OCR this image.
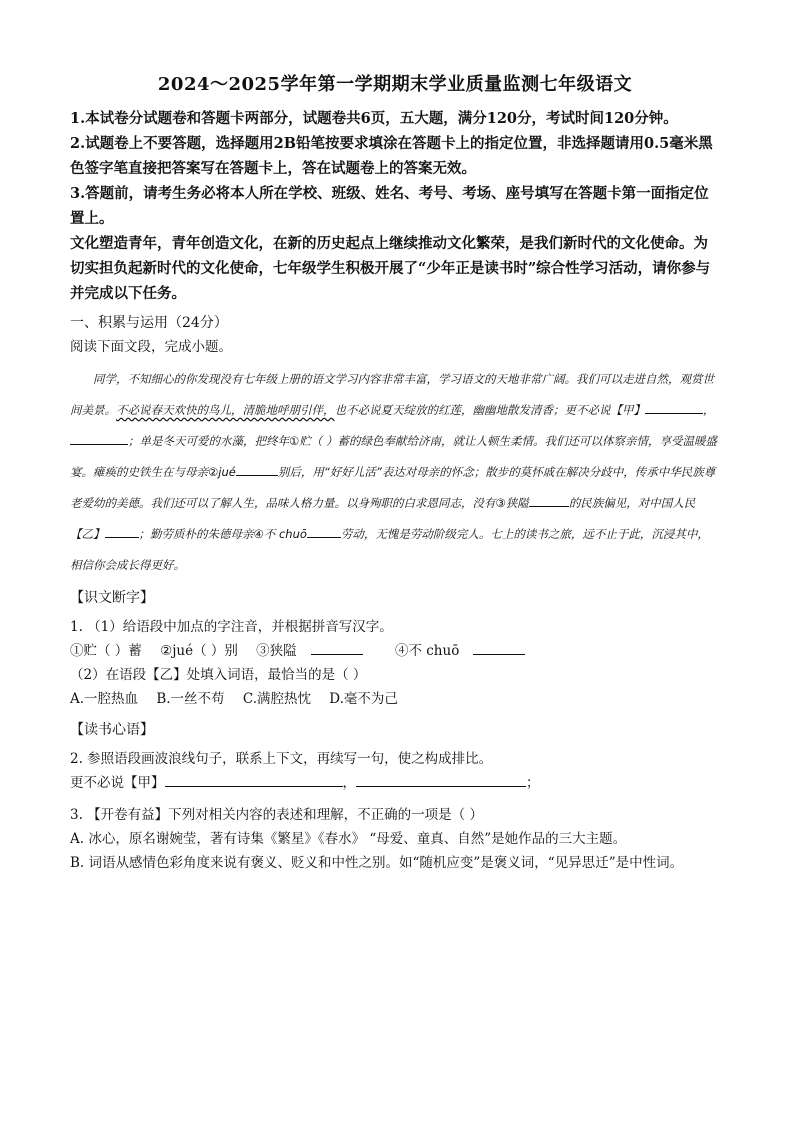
2024～2025学年第一学期期末学业质量监测七年级语文

1.本试卷分试题卷和答题卡两部分，试题卷共6页，五大题，满分120分，考试时间120分钟。

2.试题卷上不要答题，选择题用2B铅笔按要求填涂在答题卡上的指定位置，非选择题请用0.5毫米黑色签字笔直接把答案写在答题卡上，答在试题卷上的答案无效。

3.答题前，请考生务必将本人所在学校、班级、姓名、考号、考场、座号填写在答题卡第一面指定位置上。

文化塑造青年，青年创造文化，在新的历史起点上继续推动文化繁荣，是我们新时代的文化使命。为切实担负起新时代的文化使命，七年级学生积极开展了“少年正是读书时”综合性学习活动，请你参与并完成以下任务。

一、积累与运用（24分）
阅读下面文段，完成小题。
同学，不知细心的你发现没有七年级上册的语文学习内容非常丰富，学习语文的天地非常广阔。我们可以走进自然，观赏世间美景。不必说春天欢快的鸟儿，清脆地呼朋引伴，也不必说夏天绽放的红莲，幽幽地散发清香；更不必说【甲】	，；单是冬天可爱的水藻，把终年①贮（ ）蓄的绿色奉献给济南，就让人顿生柔情。我们还可以体察亲情，享受温暖盛宴。瘫痪的史铁生在与母亲②jué	别后，用“好好儿活”表达对母亲的怀念；散步的莫怀戚在解决分歧中，传承中华民族尊老爱幼的美德。我们还可以了解人生，品味人格力量。以身殉职的白求恩同志，没有③狭隘	的民族偏见，对中国人民【乙】	；勤劳质朴的朱德母亲④不 chuō	劳动，无愧是劳动阶级完人。七上的读书之旅，远不止于此，沉浸其中，相信你会成长得更好。
【识文断字】
1. （1）给语段中加点的字注音，并根据拼音写汉字。
①贮（ ）蓄 ②jué（ ）别 ③狭隘	④不 chuō
（2）在语段【乙】处填入词语，最恰当的是（ ）
A.一腔热血 B.一丝不苟 C.满腔热忱 D.毫不为己
【读书心语】
2. 参照语段画波浪线句子，联系上下文，再续写一句，使之构成排比。
更不必说【甲】	，	；
3. 【开卷有益】下列对相关内容的表述和理解，不正确的一项是（ ）
A. 冰心，原名谢婉莹，著有诗集《繁星》《春水》 “母爱、童真、自然”是她作品的三大主题。
B. 词语从感情色彩角度来说有褒义、贬义和中性之别。如“随机应变”是褒义词，“见异思迁”是中性词。
